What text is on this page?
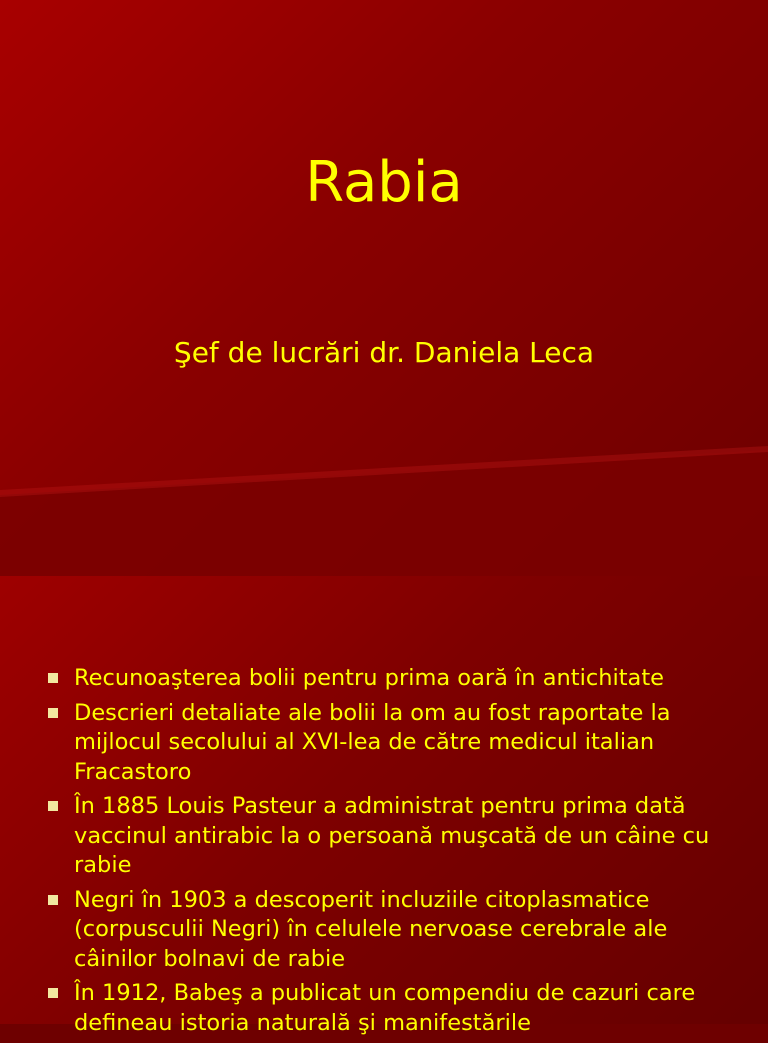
Rabia
Şef de lucrări dr. Daniela Leca
Recunoaşterea bolii pentru prima oară în antichitate
Descrieri detaliate ale bolii la om au fost raportate la mijlocul secolului al XVI-lea de către medicul italian Fracastoro
În 1885 Louis Pasteur a administrat pentru prima dată vaccinul antirabic la o persoană muşcată de un câine cu rabie
Negri în 1903 a descoperit incluziile citoplasmatice (corpusculii Negri) în celulele nervoase cerebrale ale câinilor bolnavi de rabie
În 1912, Babeş a publicat un compendiu de cazuri care defineau istoria naturală şi manifestările
